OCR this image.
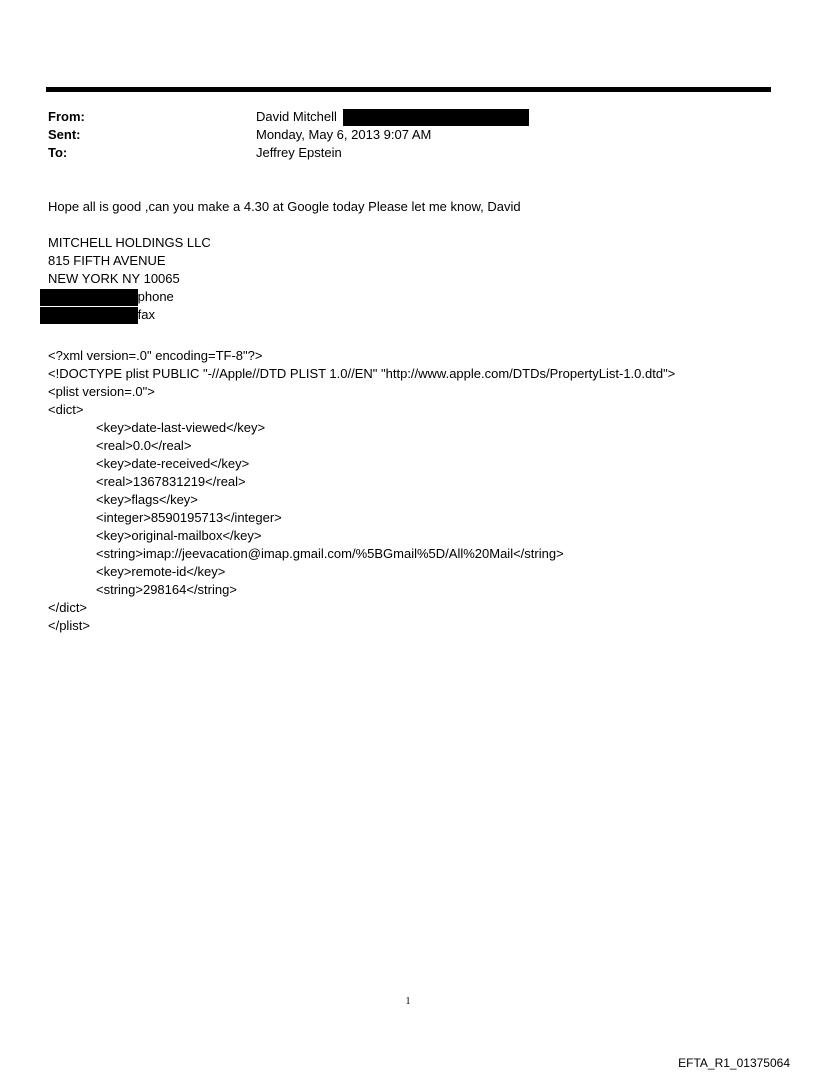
From:	David Mitchell
Sent:	Monday, May 6, 2013 9:07 AM
To:	Jeffrey Epstein
Hope all is good ,can you make a 4.30 at Google today Please let me know, David
MITCHELL HOLDINGS LLC
815 FIFTH AVENUE
NEW YORK NY 10065
phone
fax
<?xml version=.0" encoding=TF-8"?>
<!DOCTYPE plist PUBLIC "-//Apple//DTD PLIST 1.0//EN" "http://www.apple.com/DTDs/PropertyList-1.0.dtd">
<plist version=.0">
<dict>
<key>date-last-viewed</key>
<real>0.0</real>
<key>date-received</key>
<real>1367831219</real>
<key>flags</key>
<integer>8590195713</integer>
<key>original-mailbox</key>
<string>imap://jeevacation@imap.gmail.com/%5BGmail%5D/All%20Mail</string>
<key>remote-id</key>
<string>298164</string>
</dict>
</plist>
1
EFTA_R1_01375064
